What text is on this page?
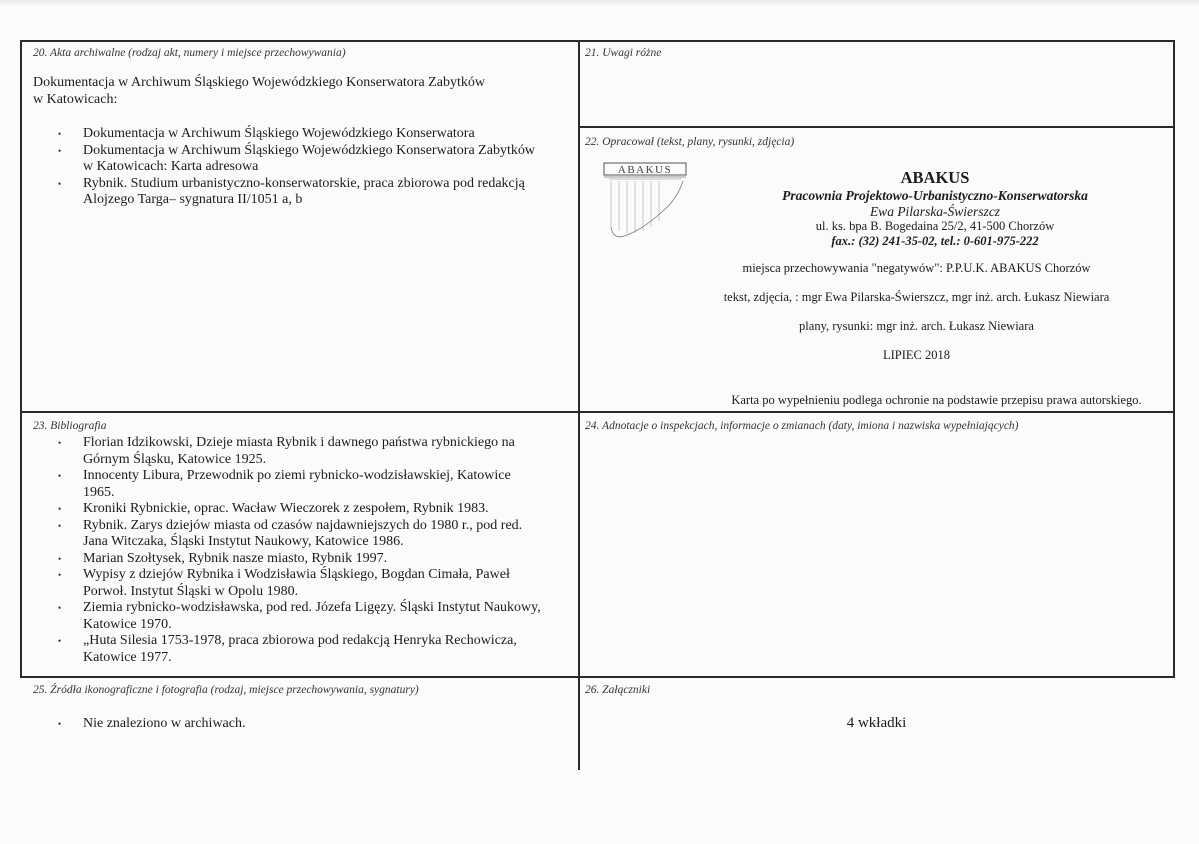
20. Akta archiwalne (rodzaj akt, numery i miejsce przechowywania)
Dokumentacja w Archiwum Śląskiego Wojewódzkiego Konserwatora Zabytków
w Katowicach:
• Dokumentacja w Archiwum Śląskiego Wojewódzkiego Konserwatora
• Dokumentacja w Archiwum Śląskiego Wojewódzkiego Konserwatora Zabytków
w Katowicach: Karta adresowa
• Rybnik. Studium urbanistyczno-konserwatorskie, praca zbiorowa pod redakcją
Alojzego Targa– sygnatura II/1051 a, b
21. Uwagi różne
22. Opracował (tekst, plany, rysunki, zdjęcia)
ABAKUS	ABAKUS
Pracownia Projektowo-Urbanistyczno-Konserwatorska
Ewa Pilarska-Świerszcz
ul. ks. bpa B. Bogedaina 25/2, 41-500 Chorzów
fax.: (32) 241-35-02, tel.: 0-601-975-222
miejsca przechowywania "negatywów": P.P.U.K. ABAKUS Chorzów
tekst, zdjęcia, : mgr Ewa Pilarska-Świerszcz, mgr inż. arch. Łukasz Niewiara
plany, rysunki: mgr inż. arch. Łukasz Niewiara
LIPIEC 2018
Karta po wypełnieniu podlega ochronie na podstawie przepisu prawa autorskiego.
23. Bibliografia
• Florian Idzikowski, Dzieje miasta Rybnik i dawnego państwa rybnickiego na
Górnym Śląsku, Katowice 1925.
• Innocenty Libura, Przewodnik po ziemi rybnicko-wodzisławskiej, Katowice
1965.
• Kroniki Rybnickie, oprac. Wacław Wieczorek z zespołem, Rybnik 1983.
• Rybnik. Zarys dziejów miasta od czasów najdawniejszych do 1980 r., pod red.
Jana Witczaka, Śląski Instytut Naukowy, Katowice 1986.
• Marian Szołtysek, Rybnik nasze miasto, Rybnik 1997.
• Wypisy z dziejów Rybnika i Wodzisławia Śląskiego, Bogdan Cimała, Paweł
Porwoł. Instytut Śląski w Opolu 1980.
• Ziemia rybnicko-wodzisławska, pod red. Józefa Ligęzy. Śląski Instytut Naukowy,
Katowice 1970.
• „Huta Silesia 1753-1978, praca zbiorowa pod redakcją Henryka Rechowicza,
Katowice 1977.
24. Adnotacje o inspekcjach, informacje o zmianach (daty, imiona i nazwiska wypełniających)
25. Źródła ikonograficzne i fotografia (rodzaj, miejsce przechowywania, sygnatury)
• Nie znaleziono w archiwach.
26. Załączniki
4 wkładki
